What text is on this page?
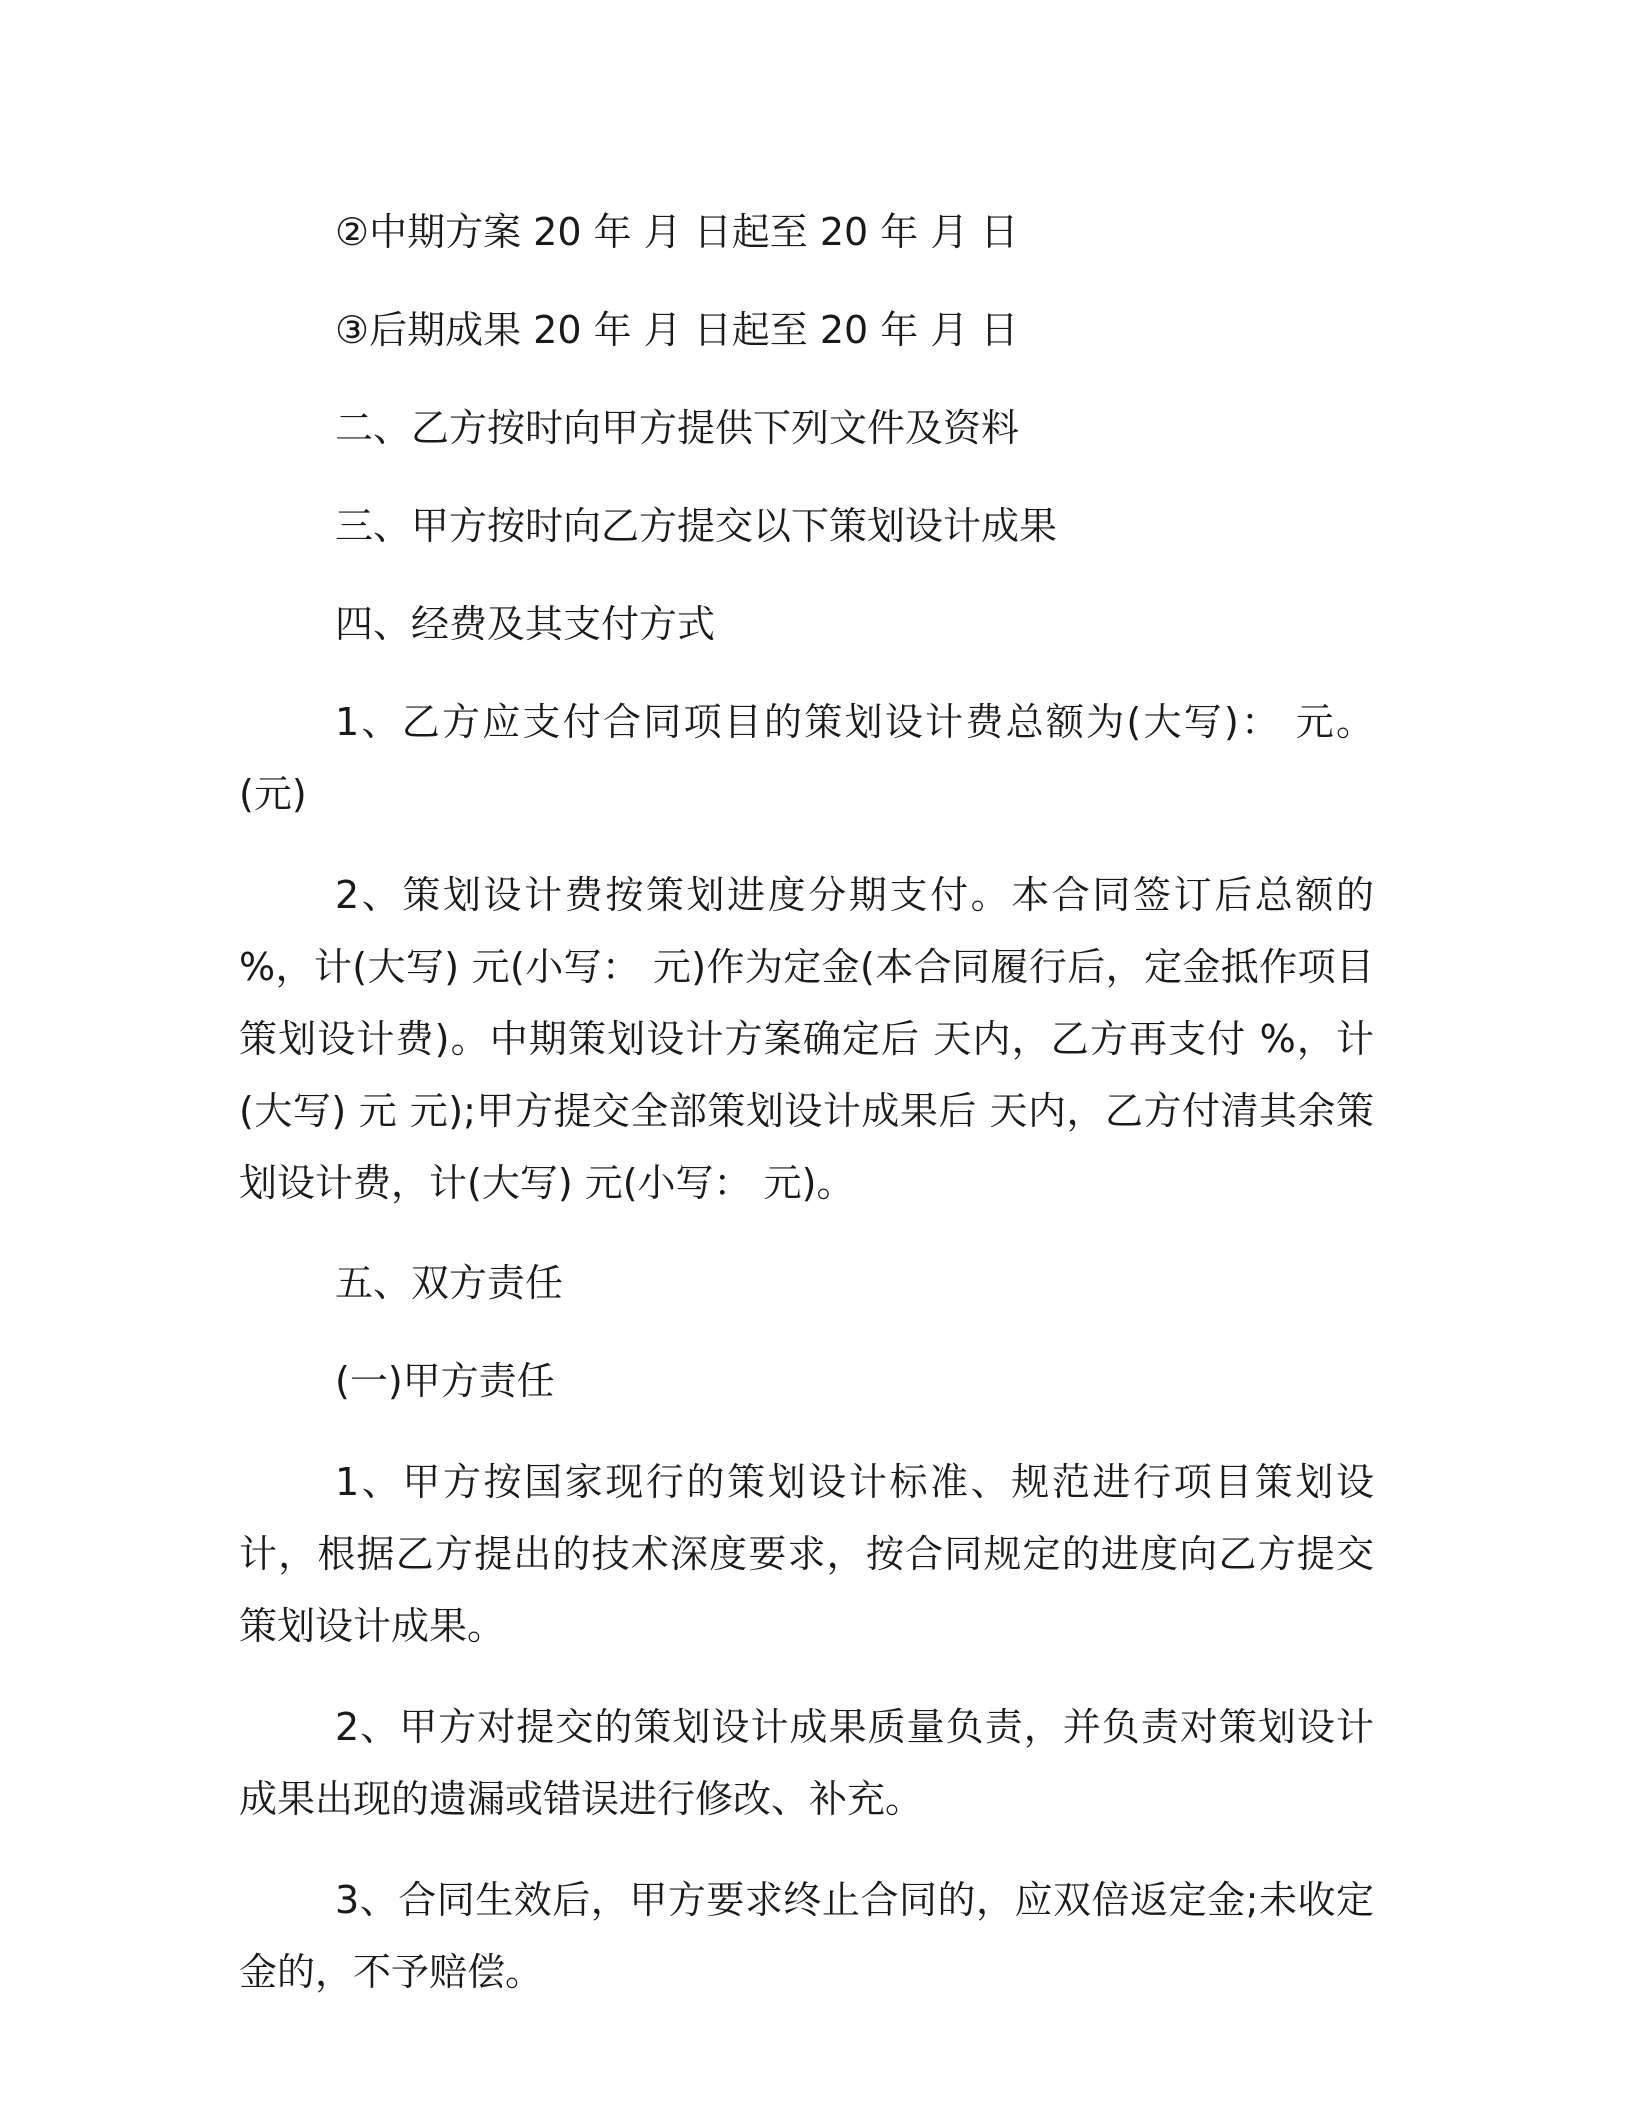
②中期方案 20 年 月 日起至 20 年 月 日

③后期成果 20 年 月 日起至 20 年 月 日

二、乙方按时向甲方提供下列文件及资料

三、甲方按时向乙方提交以下策划设计成果

四、经费及其支付方式

1、乙方应支付合同项目的策划设计费总额为(大写)： 元。(元)

2、策划设计费按策划进度分期支付。本合同签订后总额的 %，计(大写) 元(小写： 元)作为定金(本合同履行后，定金抵作项目策划设计费)。中期策划设计方案确定后 天内，乙方再支付 %，计(大写) 元 元);甲方提交全部策划设计成果后 天内，乙方付清其余策划设计费，计(大写) 元(小写： 元)。

五、双方责任

(一)甲方责任

1、甲方按国家现行的策划设计标准、规范进行项目策划设计，根据乙方提出的技术深度要求，按合同规定的进度向乙方提交策划设计成果。

2、甲方对提交的策划设计成果质量负责，并负责对策划设计成果出现的遗漏或错误进行修改、补充。

3、合同生效后，甲方要求终止合同的，应双倍返定金;未收定金的，不予赔偿。
